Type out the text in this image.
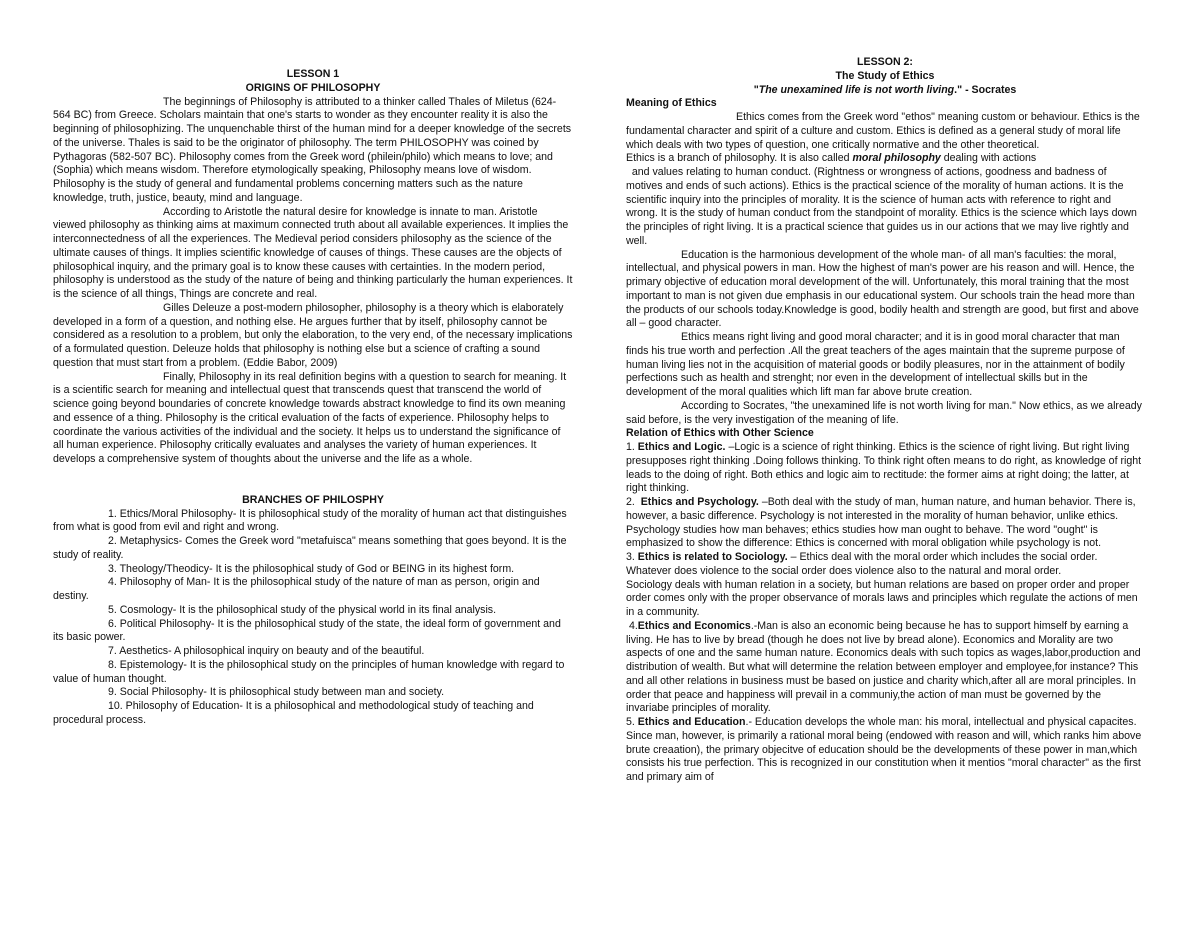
LESSON 1
ORIGINS OF PHILOSOPHY

The beginnings of Philosophy is attributed to a thinker called Thales of Miletus (624- 564 BC) from Greece. Scholars maintain that one's starts to wonder as they encounter reality it is also the beginning of philosophizing. The unquenchable thirst of the human mind for a deeper knowledge of the secrets of the universe. Thales is said to be the originator of philosophy. The term PHILOSOPHY was coined by Pythagoras (582-507 BC). Philosophy comes from the Greek word (philein/philo) which means to love; and (Sophia) which means wisdom. Therefore etymologically speaking, Philosophy means love of wisdom. Philosophy is the study of general and fundamental problems concerning matters such as the nature knowledge, truth, justice, beauty, mind and language.

According to Aristotle the natural desire for knowledge is innate to man. Aristotle viewed philosophy as thinking aims at maximum connected truth about all available experiences. It implies the interconnectedness of all the experiences. The Medieval period considers philosophy as the science of the ultimate causes of things. It implies scientific knowledge of causes of things. These causes are the objects of philosophical inquiry, and the primary goal is to know these causes with certainties. In the modern period, philosophy is understood as the study of the nature of being and thinking particularly the human experiences. It is the science of all things, Things are concrete and real.

Gilles Deleuze a post-modern philosopher, philosophy is a theory which is elaborately developed in a form of a question, and nothing else. He argues further that by itself, philosophy cannot be considered as a resolution to a problem, but only the elaboration, to the very end, of the necessary implications of a formulated question. Deleuze holds that philosophy is nothing else but a science of crafting a sound question that must start from a problem. (Eddie Babor, 2009)

Finally, Philosophy in its real definition begins with a question to search for meaning. It is a scientific search for meaning and intellectual quest that transcends quest that transcend the world of science going beyond boundaries of concrete knowledge towards abstract knowledge to find its own meaning and essence of a thing. Philosophy is the critical evaluation of the facts of experience. Philosophy helps to coordinate the various activities of the individual and the society. It helps us to understand the significance of all human experience. Philosophy critically evaluates and analyses the variety of human experiences. It develops a comprehensive system of thoughts about the universe and the life as a whole.

BRANCHES OF PHILOSPHY

1. Ethics/Moral Philosophy- It is philosophical study of the morality of human act that distinguishes from what is good from evil and right and wrong.

2. Metaphysics- Comes the Greek word "metafuisca" means something that goes beyond. It is the study of reality.

3. Theology/Theodicy- It is the philosophical study of God or BEING in its highest form.

4. Philosophy of Man- It is the philosophical study of the nature of man as person, origin and destiny.

5. Cosmology- It is the philosophical study of the physical world in its final analysis.

6. Political Philosophy- It is the philosophical study of the state, the ideal form of government and its basic power.

7. Aesthetics- A philosophical inquiry on beauty and of the beautiful.

8. Epistemology- It is the philosophical study on the principles of human knowledge with regard to value of human thought.

9. Social Philosophy- It is philosophical study between man and society.

10. Philosophy of Education- It is a philosophical and methodological study of teaching and procedural process.

LESSON 2:
The Study of Ethics
"The unexamined life is not worth living." - Socrates
Meaning of Ethics

Ethics comes from the Greek word "ethos" meaning custom or behaviour. Ethics is the fundamental character and spirit of a culture and custom. Ethics is defined as a general study of moral life which deals with two types of question, one critically normative and the other theoretical.

Ethics is a branch of philosophy. It is also called moral philosophy dealing with actions

and values relating to human conduct. (Rightness or wrongness of actions, goodness and badness of motives and ends of such actions). Ethics is the practical science of the morality of human actions. It is the scientific inquiry into the principles of morality. It is the science of human acts with reference to right and wrong. It is the study of human conduct from the standpoint of morality. Ethics is the science which lays down the principles of right living. It is a practical science that guides us in our actions that we may live rightly and well.

Education is the harmonious development of the whole man- of all man's faculties: the moral, intellectual, and physical powers in man. How the highest of man's power are his reason and will. Hence, the primary objective of education moral development of the will. Unfortunately, this moral training that the most important to man is not given due emphasis in our educational system. Our schools train the head more than the products of our schools today.Knowledge is good, bodily health and strength are good, but first and above all – good character.

Ethics means right living and good moral character; and it is in good moral character that man finds his true worth and perfection .All the great teachers of the ages maintain that the supreme purpose of human living lies not in the acquisition of material goods or bodily pleasures, nor in the attainment of bodily perfections such as health and strenght; nor even in the development of intellectual skills but in the development of the moral qualities which lift man far above brute creation.

According to Socrates, "the unexamined life is not worth living for man." Now ethics, as we already said before, is the very investigation of the meaning of life.

Relation of Ethics with Other Science

1. Ethics and Logic. –Logic is a science of right thinking. Ethics is the science of right living. But right living presupposes right thinking .Doing follows thinking. To think right often means to do right, as knowledge of right leads to the doing of right. Both ethics and logic aim to rectitude: the former aims at right doing; the latter, at right thinking.

2.  Ethics and Psychology. –Both deal with the study of man, human nature, and human behavior. There is, however, a basic difference. Psychology is not interested in the morality of human behavior, unlike ethics. Psychology studies how man behaves; ethics studies how man ought to behave. The word "ought" is emphasized to show the difference: Ethics is concerned with moral obligation while psychology is not.

3. Ethics is related to Sociology. – Ethics deal with the moral order which includes the social order. Whatever does violence to the social order does violence also to the natural and moral order.

Sociology deals with human relation in a society, but human relations are based on proper order and proper order comes only with the proper observance of morals laws and principles which regulate the actions of men in a community.

4.Ethics and Economics.-Man is also an economic being because he has to support himself by earning a living. He has to live by bread (though he does not live by bread alone). Economics and Morality are two aspects of one and the same human nature. Economics deals with such topics as wages,labor,production and distribution of wealth. But what will determine the relation between employer and employee,for instance? This and all other relations in business must be based on justice and charity which,after all are moral principles. In order that peace and happiness will prevail in a communiy,the action of man must be governed by the invariabe principles of morality.

5. Ethics and Education.- Education develops the whole man: his moral, intellectual and physical capacites. Since man, however, is primarily a rational moral being (endowed with reason and will, which ranks him above brute creaation), the primary objecitve of education should be the developments of these power in man,which consists his true perfection. This is recognized in our constitution when it mentios "moral character" as the first and primary aim of
